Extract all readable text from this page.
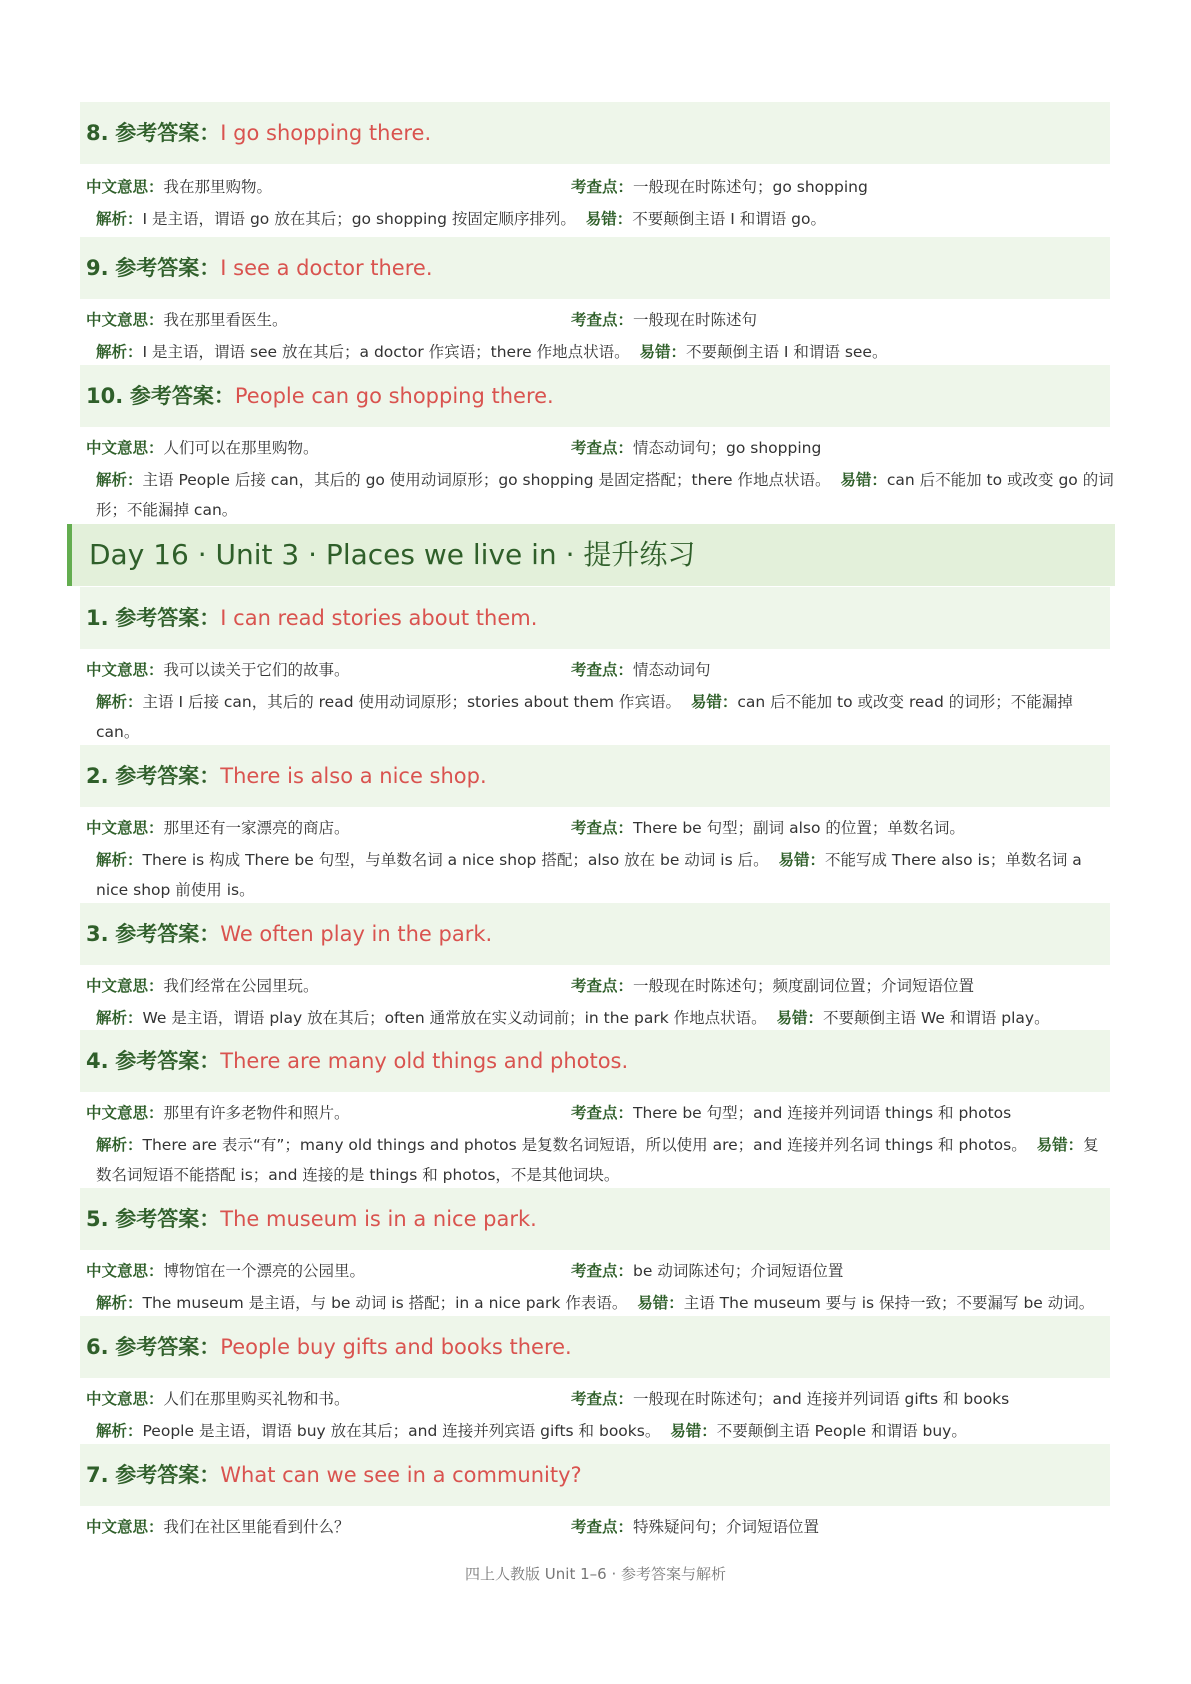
8. 参考答案：I go shopping there.
中文意思：我在那里购物。	考查点：一般现在时陈述句；go shopping
解析：I 是主语，谓语 go 放在其后；go shopping 按固定顺序排列。 易错：不要颠倒主语 I 和谓语 go。
9. 参考答案：I see a doctor there.
中文意思：我在那里看医生。	考查点：一般现在时陈述句
解析：I 是主语，谓语 see 放在其后；a doctor 作宾语；there 作地点状语。 易错：不要颠倒主语 I 和谓语 see。
10. 参考答案：People can go shopping there.
中文意思：人们可以在那里购物。	考查点：情态动词句；go shopping
解析：主语 People 后接 can，其后的 go 使用动词原形；go shopping 是固定搭配；there 作地点状语。 易错：can 后不能加 to 或改变 go 的词形；不能漏掉 can。
Day 16 · Unit 3 · Places we live in · 提升练习
1. 参考答案：I can read stories about them.
中文意思：我可以读关于它们的故事。	考查点：情态动词句
解析：主语 I 后接 can，其后的 read 使用动词原形；stories about them 作宾语。 易错：can 后不能加 to 或改变 read 的词形；不能漏掉 can。
2. 参考答案：There is also a nice shop.
中文意思：那里还有一家漂亮的商店。	考查点：There be 句型；副词 also 的位置；单数名词。
解析：There is 构成 There be 句型，与单数名词 a nice shop 搭配；also 放在 be 动词 is 后。 易错：不能写成 There also is；单数名词 a nice shop 前使用 is。
3. 参考答案：We often play in the park.
中文意思：我们经常在公园里玩。	考查点：一般现在时陈述句；频度副词位置；介词短语位置
解析：We 是主语，谓语 play 放在其后；often 通常放在实义动词前；in the park 作地点状语。 易错：不要颠倒主语 We 和谓语 play。
4. 参考答案：There are many old things and photos.
中文意思：那里有许多老物件和照片。	考查点：There be 句型；and 连接并列词语 things 和 photos
解析：There are 表示“有”；many old things and photos 是复数名词短语，所以使用 are；and 连接并列名词 things 和 photos。 易错：复数名词短语不能搭配 is；and 连接的是 things 和 photos，不是其他词块。
5. 参考答案：The museum is in a nice park.
中文意思：博物馆在一个漂亮的公园里。	考查点：be 动词陈述句；介词短语位置
解析：The museum 是主语，与 be 动词 is 搭配；in a nice park 作表语。 易错：主语 The museum 要与 is 保持一致；不要漏写 be 动词。
6. 参考答案：People buy gifts and books there.
中文意思：人们在那里购买礼物和书。	考查点：一般现在时陈述句；and 连接并列词语 gifts 和 books
解析：People 是主语，谓语 buy 放在其后；and 连接并列宾语 gifts 和 books。 易错：不要颠倒主语 People 和谓语 buy。
7. 参考答案：What can we see in a community?
中文意思：我们在社区里能看到什么？	考查点：特殊疑问句；介词短语位置
四上人教版 Unit 1–6 · 参考答案与解析
